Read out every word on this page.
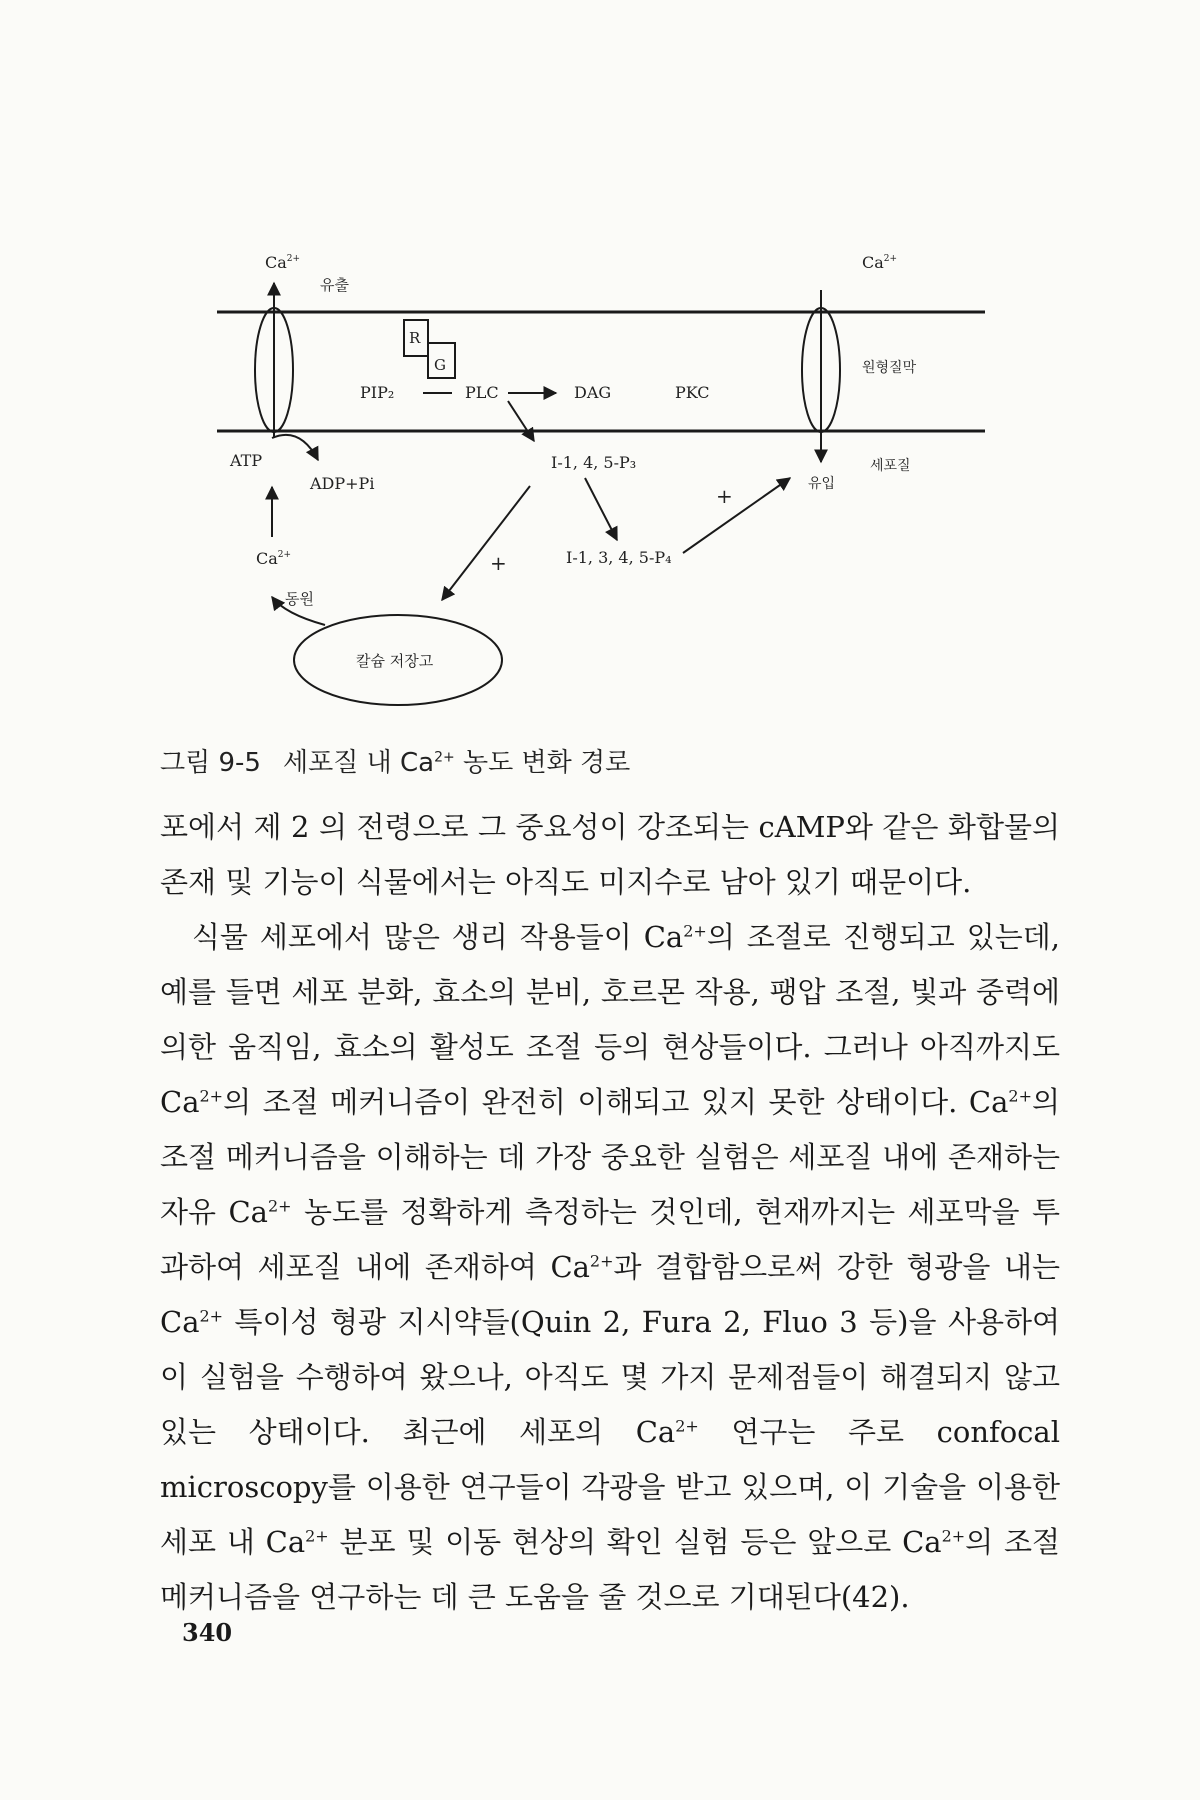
$Ca^{2+}$
유출
ATP
ADP+Pi
$Ca^{2+}$
R
G
PIP₂	PLC	DAG	PKC
I-1, 4, 5-P₃
I-1, 3, 4, 5-P₄
+
+
칼슘 저장고
동원
$Ca^{2+}$
원형질막
세포질
유입
그림 9-5 세포질 내 $Ca^{2+}$ 농도 변화 경로

포에서 제 2 의 전령으로 그 중요성이 강조되는 cAMP와 같은 화합물의 존재 및 기능이 식물에서는 아직도 미지수로 남아 있기 때문이다.

식물 세포에서 많은 생리 작용들이 $Ca^{2+}$의 조절로 진행되고 있는데, 예를 들면 세포 분화, 효소의 분비, 호르몬 작용, 팽압 조절, 빛과 중력에 의한 움직임, 효소의 활성도 조절 등의 현상들이다. 그러나 아직까지도 $Ca^{2+}$의 조절 메커니즘이 완전히 이해되고 있지 못한 상태이다. $Ca^{2+}$의 조절 메커니즘을 이해하는 데 가장 중요한 실험은 세포질 내에 존재하는 자유 $Ca^{2+}$ 농도를 정확하게 측정하는 것인데, 현재까지는 세포막을 투과하여 세포질 내에 존재하여 $Ca^{2+}$과 결합함으로써 강한 형광을 내는 $Ca^{2+}$ 특이성 형광 지시약들(Quin 2, Fura 2, Fluo 3 등)을 사용하여 이 실험을 수행하여 왔으나, 아직도 몇 가지 문제점들이 해결되지 않고 있는 상태이다. 최근에 세포의 $Ca^{2+}$ 연구는 주로 confocal microscopy를 이용한 연구들이 각광을 받고 있으며, 이 기술을 이용한 세포 내 $Ca^{2+}$ 분포 및 이동 현상의 확인 실험 등은 앞으로 $Ca^{2+}$의 조절 메커니즘을 연구하는 데 큰 도움을 줄 것으로 기대된다(42).

340
